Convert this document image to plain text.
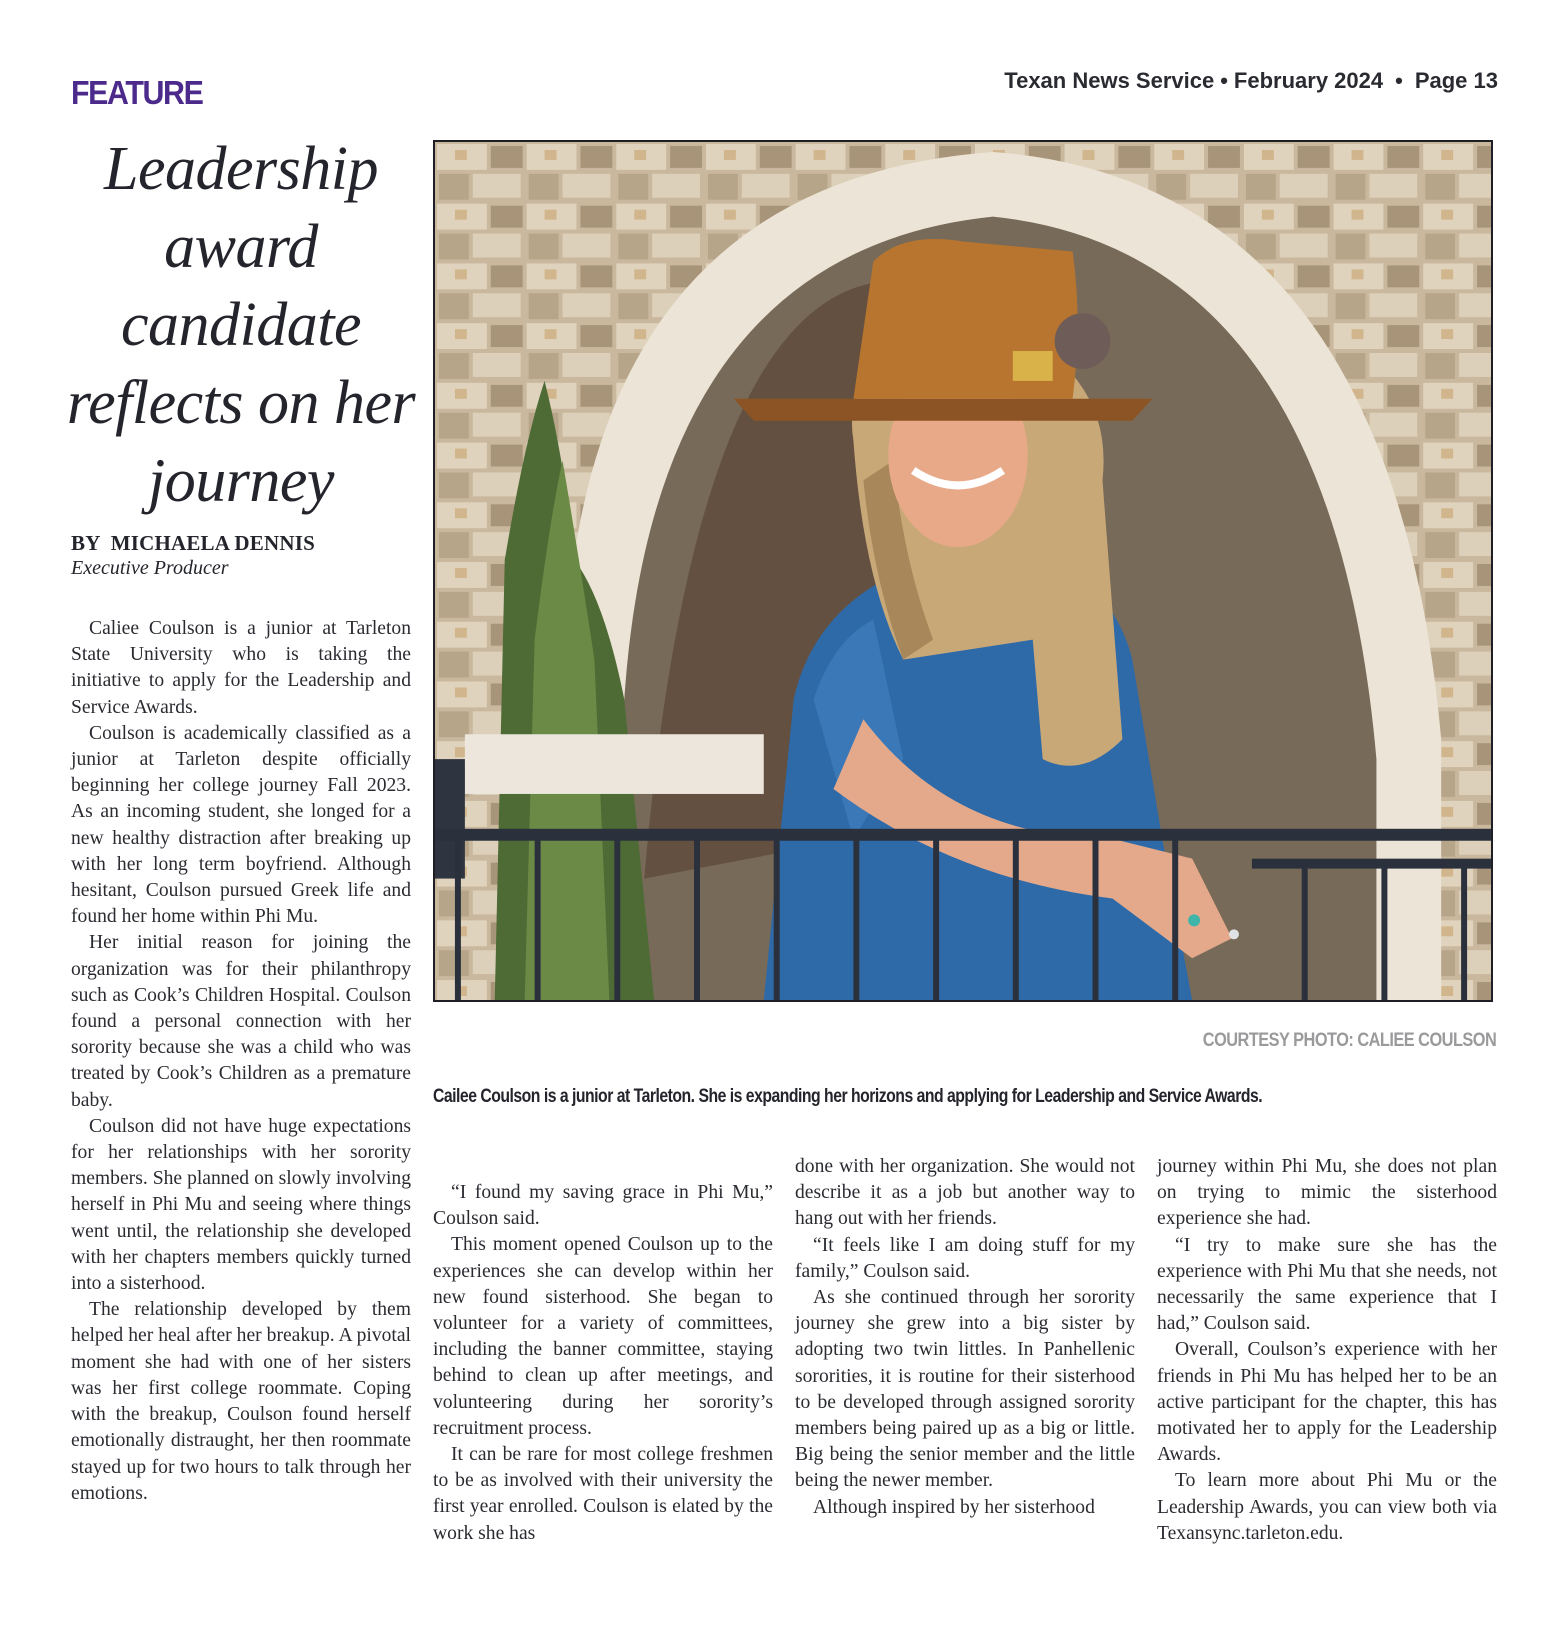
FEATURE	Texan News Service • February 2024 • Page 13
Leadership award candidate reflects on her journey
BY  MICHAELA DENNIS
Executive Producer

Caliee Coulson is a junior at Tarleton State University who is taking the initiative to apply for the Leadership and Service Awards.

Coulson is academically classified as a junior at Tarleton despite officially beginning her college journey Fall 2023. As an incoming student, she longed for a new healthy distraction after breaking up with her long term boyfriend. Although hesitant, Coulson pursued Greek life and found her home within Phi Mu.

Her initial reason for joining the organization was for their philanthropy such as Cook’s Children Hospital. Coulson found a personal connection with her sorority because she was a child who was treated by Cook’s Children as a premature baby.

Coulson did not have huge expectations for her relationships with her sorority members. She planned on slowly involving herself in Phi Mu and seeing where things went until, the relationship she developed with her chapters members quickly turned into a sisterhood.

The relationship developed by them helped her heal after her breakup. A pivotal moment she had with one of her sisters was her first college roommate. Coping with the breakup, Coulson found herself emotionally distraught, her then roommate stayed up for two hours to talk through her emotions.

COURTESY PHOTO: CALIEE COULSON
Cailee Coulson is a junior at Tarleton. She is expanding her horizons and applying for Leadership and Service Awards.

“I found my saving grace in Phi Mu,” Coulson said.

This moment opened Coulson up to the experiences she can develop within her new found sisterhood. She began to volunteer for a variety of committees, including the banner committee, staying behind to clean up after meetings, and volunteering during her sorority’s recruitment process.

It can be rare for most college freshmen to be as involved with their university the first year enrolled. Coulson is elated by the work she has

done with her organization. She would not describe it as a job but another way to hang out with her friends.

“It feels like I am doing stuff for my family,” Coulson said.

As she continued through her sorority journey she grew into a big sister by adopting two twin littles. In Panhellenic sororities, it is routine for their sisterhood to be developed through assigned sorority members being paired up as a big or little. Big being the senior member and the little being the newer member.

Although inspired by her sisterhood

journey within Phi Mu, she does not plan on trying to mimic the sisterhood experience she had.

“I try to make sure she has the experience with Phi Mu that she needs, not necessarily the same experience that I had,” Coulson said.

Overall, Coulson’s experience with her friends in Phi Mu has helped her to be an active participant for the chapter, this has motivated her to apply for the Leadership Awards.

To learn more about Phi Mu or the Leadership Awards, you can view both via Texansync.tarleton.edu.
